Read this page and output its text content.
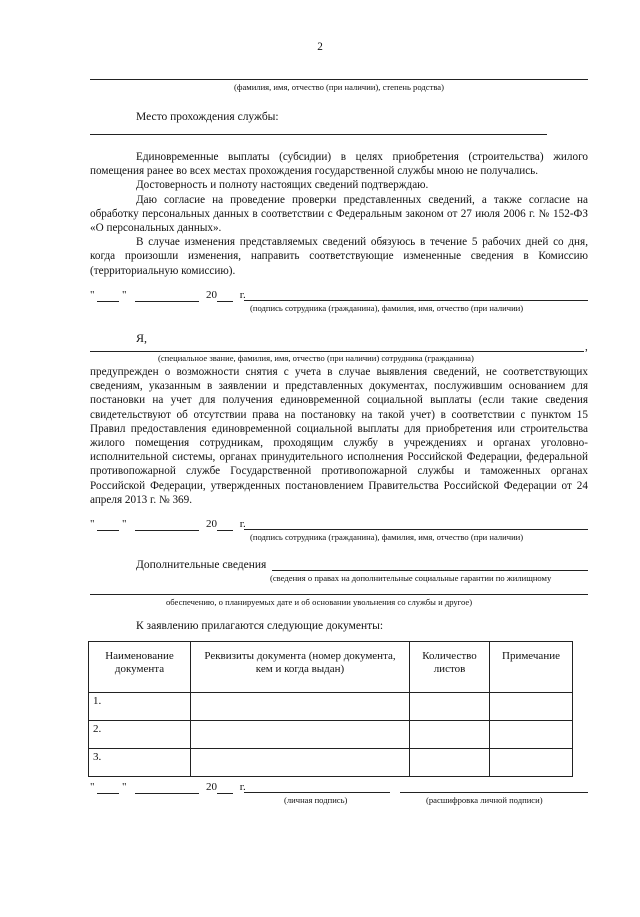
2
(фамилия, имя, отчество (при наличии), степень родства)
Место прохождения службы:
Единовременные выплаты (субсидии) в целях приобретения (строительства) жилого помещения ранее во всех местах прохождения государственной службы мною не получались.
Достоверность и полноту настоящих сведений подтверждаю.
Даю согласие на проведение проверки представленных сведений, а также согласие на обработку персональных данных в соответствии с Федеральным законом от 27 июля 2006 г. № 152-ФЗ «О персональных данных».
В случае изменения представляемых сведений обязуюсь в течение 5 рабочих дней со дня, когда произошли изменения, направить соответствующие измененные сведения в Комиссию (территориальную комиссию).
"	"	20 г.
(подпись сотрудника (гражданина), фамилия, имя, отчество (при наличии)
Я,
,
(специальное звание, фамилия, имя, отчество (при наличии) сотрудника (гражданина)
предупрежден о возможности снятия с учета в случае выявления сведений, не соответствующих сведениям, указанным в заявлении и представленных документах, послужившим основанием для постановки на учет для получения единовременной социальной выплаты (если такие сведения свидетельствуют об отсутствии права на постановку на такой учет) в соответствии с пунктом 15 Правил предоставления единовременной социальной выплаты для приобретения или строительства жилого помещения сотрудникам, проходящим службу в учреждениях и органах уголовно-исполнительной системы, органах принудительного исполнения Российской Федерации, федеральной противопожарной службе Государственной противопожарной службы и таможенных органах Российской Федерации, утвержденных постановлением Правительства Российской Федерации от 24 апреля 2013 г. № 369.
"	"	20 г.
(подпись сотрудника (гражданина), фамилия, имя, отчество (при наличии)
Дополнительные сведения
(сведения о правах на дополнительные социальные гарантии по жилищному
обеспечению, о планируемых дате и об основании увольнения со службы и другое)
К заявлению прилагаются следующие документы:
Наименование документа	Реквизиты документа (номер документа, кем и когда выдан)	Количество листов	Примечание
1.			
2.			
3.			
"	"	20 г.
(личная подпись)	(расшифровка личной подписи)
